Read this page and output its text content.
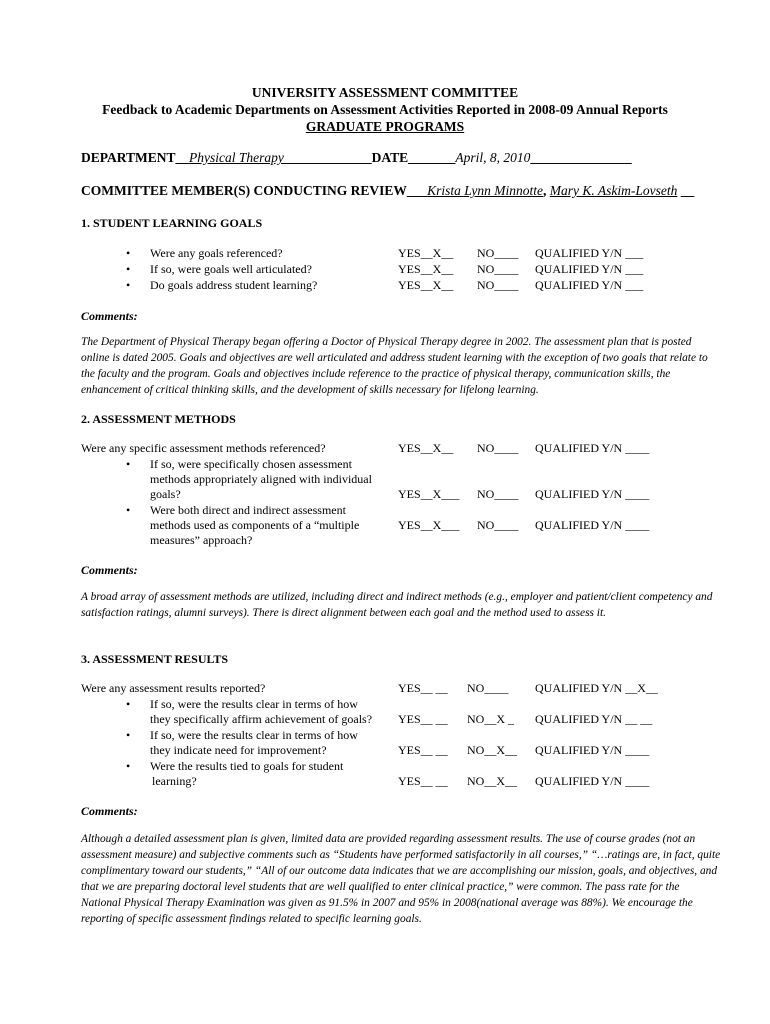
UNIVERSITY ASSESSMENT COMMITTEE
Feedback to Academic Departments on Assessment Activities Reported in 2008-09 Annual Reports
GRADUATE PROGRAMS
DEPARTMENT__Physical Therapy_____________DATE_______April, 8, 2010_______________
COMMITTEE MEMBER(S) CONDUCTING REVIEW___Krista Lynn Minnotte, Mary K. Askim-Lovseth __
1. STUDENT LEARNING GOALS
• Were any goals referenced?
• If so, were goals well articulated?
• Do goals address student learning?
YES__X__ NO____ QUALIFIED Y/N ___
YES__X__ NO____ QUALIFIED Y/N ___
YES__X__ NO____ QUALIFIED Y/N ___
Comments:
The Department of Physical Therapy began offering a Doctor of Physical Therapy degree in 2002. The assessment plan that is posted online is dated 2005. Goals and objectives are well articulated and address student learning with the exception of two goals that relate to the faculty and the program. Goals and objectives include reference to the practice of physical therapy, communication skills, the enhancement of critical thinking skills, and the development of skills necessary for lifelong learning.
2. ASSESSMENT METHODS
Were any specific assessment methods referenced?
• If so, were specifically chosen assessment
methods appropriately aligned with individual
goals?
• Were both direct and indirect assessment
methods used as components of a “multiple
measures” approach?
YES__X__ NO____ QUALIFIED Y/N ____
YES__X___ NO____ QUALIFIED Y/N ____
YES__X___ NO____ QUALIFIED Y/N ____
Comments:
A broad array of assessment methods are utilized, including direct and indirect methods (e.g., employer and patient/client competency and satisfaction ratings, alumni surveys). There is direct alignment between each goal and the method used to assess it.
3. ASSESSMENT RESULTS
Were any assessment results reported?
• If so, were the results clear in terms of how
they specifically affirm achievement of goals?
• If so, were the results clear in terms of how
they indicate need for improvement?
• Were the results tied to goals for student
learning?
YES__ __ NO____ QUALIFIED Y/N __X__
YES__ __ NO__X _ QUALIFIED Y/N __ __
YES__ __ NO__X__ QUALIFIED Y/N ____
YES__ __ NO__X__ QUALIFIED Y/N ____
Comments:
Although a detailed assessment plan is given, limited data are provided regarding assessment results. The use of course grades (not an assessment measure) and subjective comments such as “Students have performed satisfactorily in all courses,” “…ratings are, in fact, quite complimentary toward our students,” “All of our outcome data indicates that we are accomplishing our mission, goals, and objectives, and that we are preparing doctoral level students that are well qualified to enter clinical practice,” were common. The pass rate for the National Physical Therapy Examination was given as 91.5% in 2007 and 95% in 2008(national average was 88%). We encourage the reporting of specific assessment findings related to specific learning goals.
